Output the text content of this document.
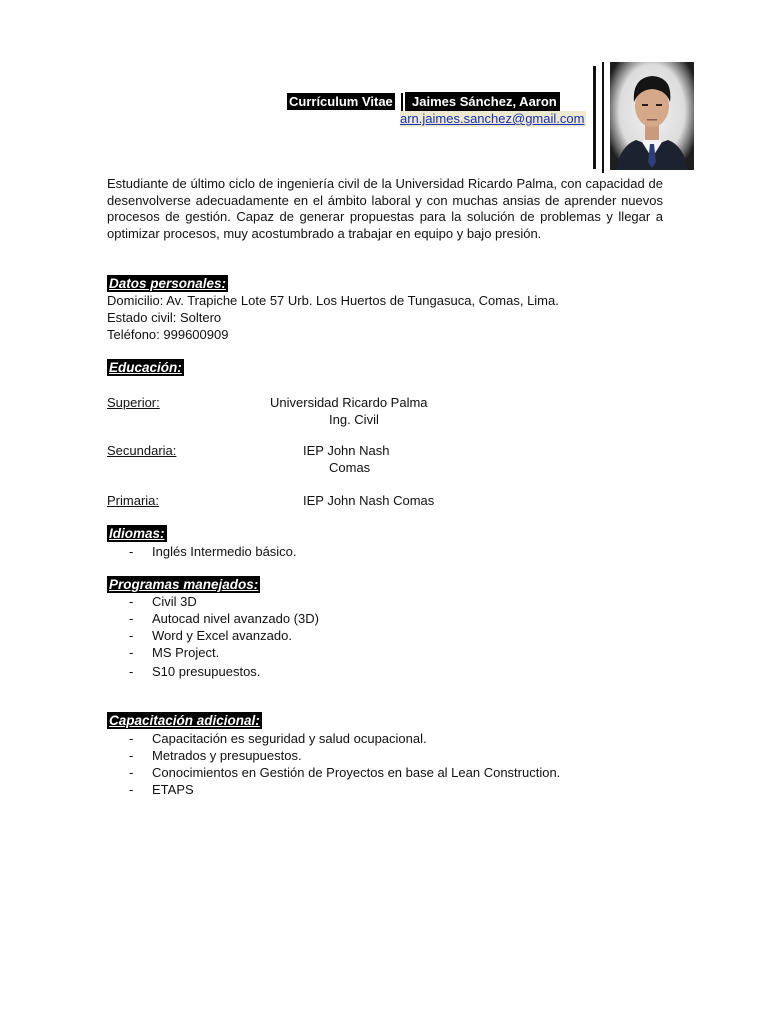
Currículum Vitae	Jaimes Sánchez, Aaron
arn.jaimes.sanchez@gmail.com

Estudiante de último ciclo de ingeniería civil de la Universidad Ricardo Palma, con capacidad de desenvolverse adecuadamente en el ámbito laboral y con muchas ansias de aprender nuevos procesos de gestión. Capaz de generar propuestas para la solución de problemas y llegar a optimizar procesos, muy acostumbrado a trabajar en equipo y bajo presión.

Datos personales:
Domicilio: Av. Trapiche Lote 57 Urb. Los Huertos de Tungasuca, Comas, Lima.
Estado civil: Soltero
Teléfono: 999600909
Educación:
Superior:	Universidad Ricardo Palma
Ing. Civil
Secundaria:	IEP John Nash
Comas
Primaria:	IEP John Nash Comas
Idiomas:
- Inglés Intermedio básico.
Programas manejados:
- Civil 3D
- Autocad nivel avanzado (3D)
- Word y Excel avanzado.
- MS Project.
- S10 presupuestos.
Capacitación adicional:
- Capacitación es seguridad y salud ocupacional.
- Metrados y presupuestos.
- Conocimientos en Gestión de Proyectos en base al Lean Construction.
- ETAPS
